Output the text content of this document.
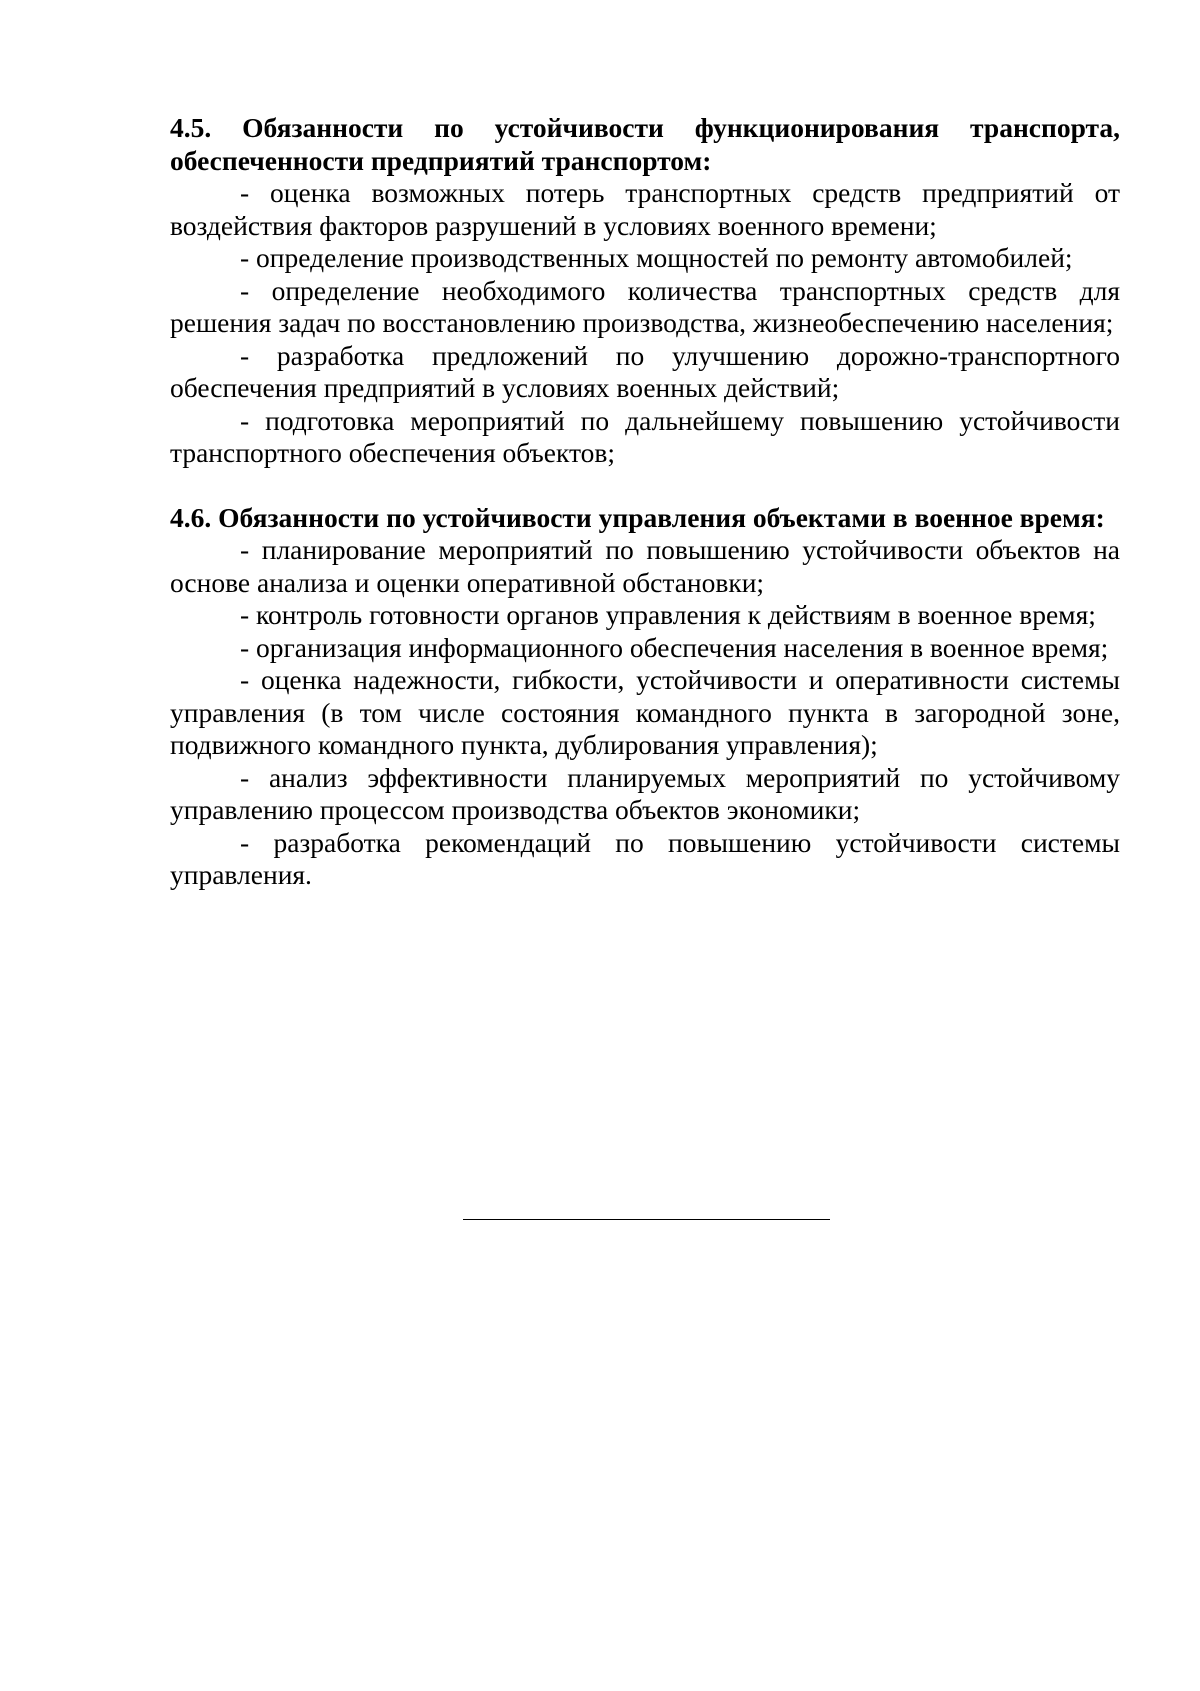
4.5. Обязанности по устойчивости функционирования транспорта, обеспеченности предприятий транспортом:

- оценка возможных потерь транспортных средств предприятий от воздействия факторов разрушений в условиях военного времени;

- определение производственных мощностей по ремонту автомобилей;

- определение необходимого количества транспортных средств для решения задач по восстановлению производства, жизнеобеспечению населения;

- разработка предложений по улучшению дорожно-транспортного обеспечения предприятий в условиях военных действий;

- подготовка мероприятий по дальнейшему повышению устойчивости транспортного обеспечения объектов;

4.6. Обязанности по устойчивости управления объектами в военное время:

- планирование мероприятий по повышению устойчивости объектов на основе анализа и оценки оперативной обстановки;

- контроль готовности органов управления к действиям в военное время;

- организация информационного обеспечения населения в военное время;

- оценка надежности, гибкости, устойчивости и оперативности системы управления (в том числе состояния командного пункта в загородной зоне, подвижного командного пункта, дублирования управления);

- анализ эффективности планируемых мероприятий по устойчивому управлению процессом производства объектов экономики;

- разработка рекомендаций по повышению устойчивости системы управления.
